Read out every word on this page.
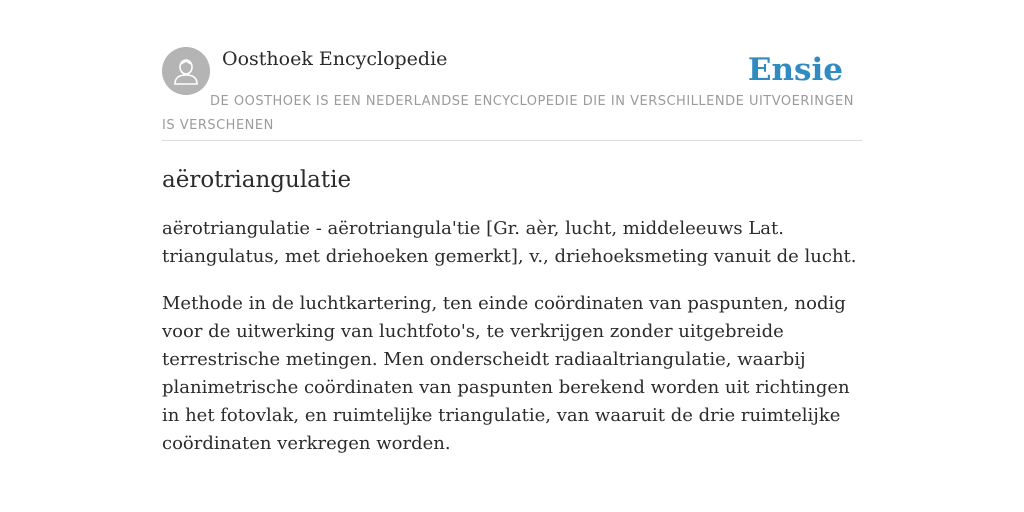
Oosthoek Encyclopedie	Ensie
DE OOSTHOEK IS EEN NEDERLANDSE ENCYCLOPEDIE DIE IN VERSCHILLENDE UITVOERINGEN IS VERSCHENEN
aërotriangulatie

aërotriangulatie - aërotriangula'tie [Gr. aèr, lucht, middeleeuws Lat. triangulatus, met driehoeken gemerkt], v., driehoeksmeting vanuit de lucht.

Methode in de luchtkartering, ten einde coördinaten van paspunten, nodig voor de uitwerking van luchtfoto's, te verkrijgen zonder uitgebreide terrestrische metingen. Men onderscheidt radiaaltriangulatie, waarbij planimetrische coördinaten van paspunten berekend worden uit richtingen in het fotovlak, en ruimtelijke triangulatie, van waaruit de drie ruimtelijke coördinaten verkregen worden.
